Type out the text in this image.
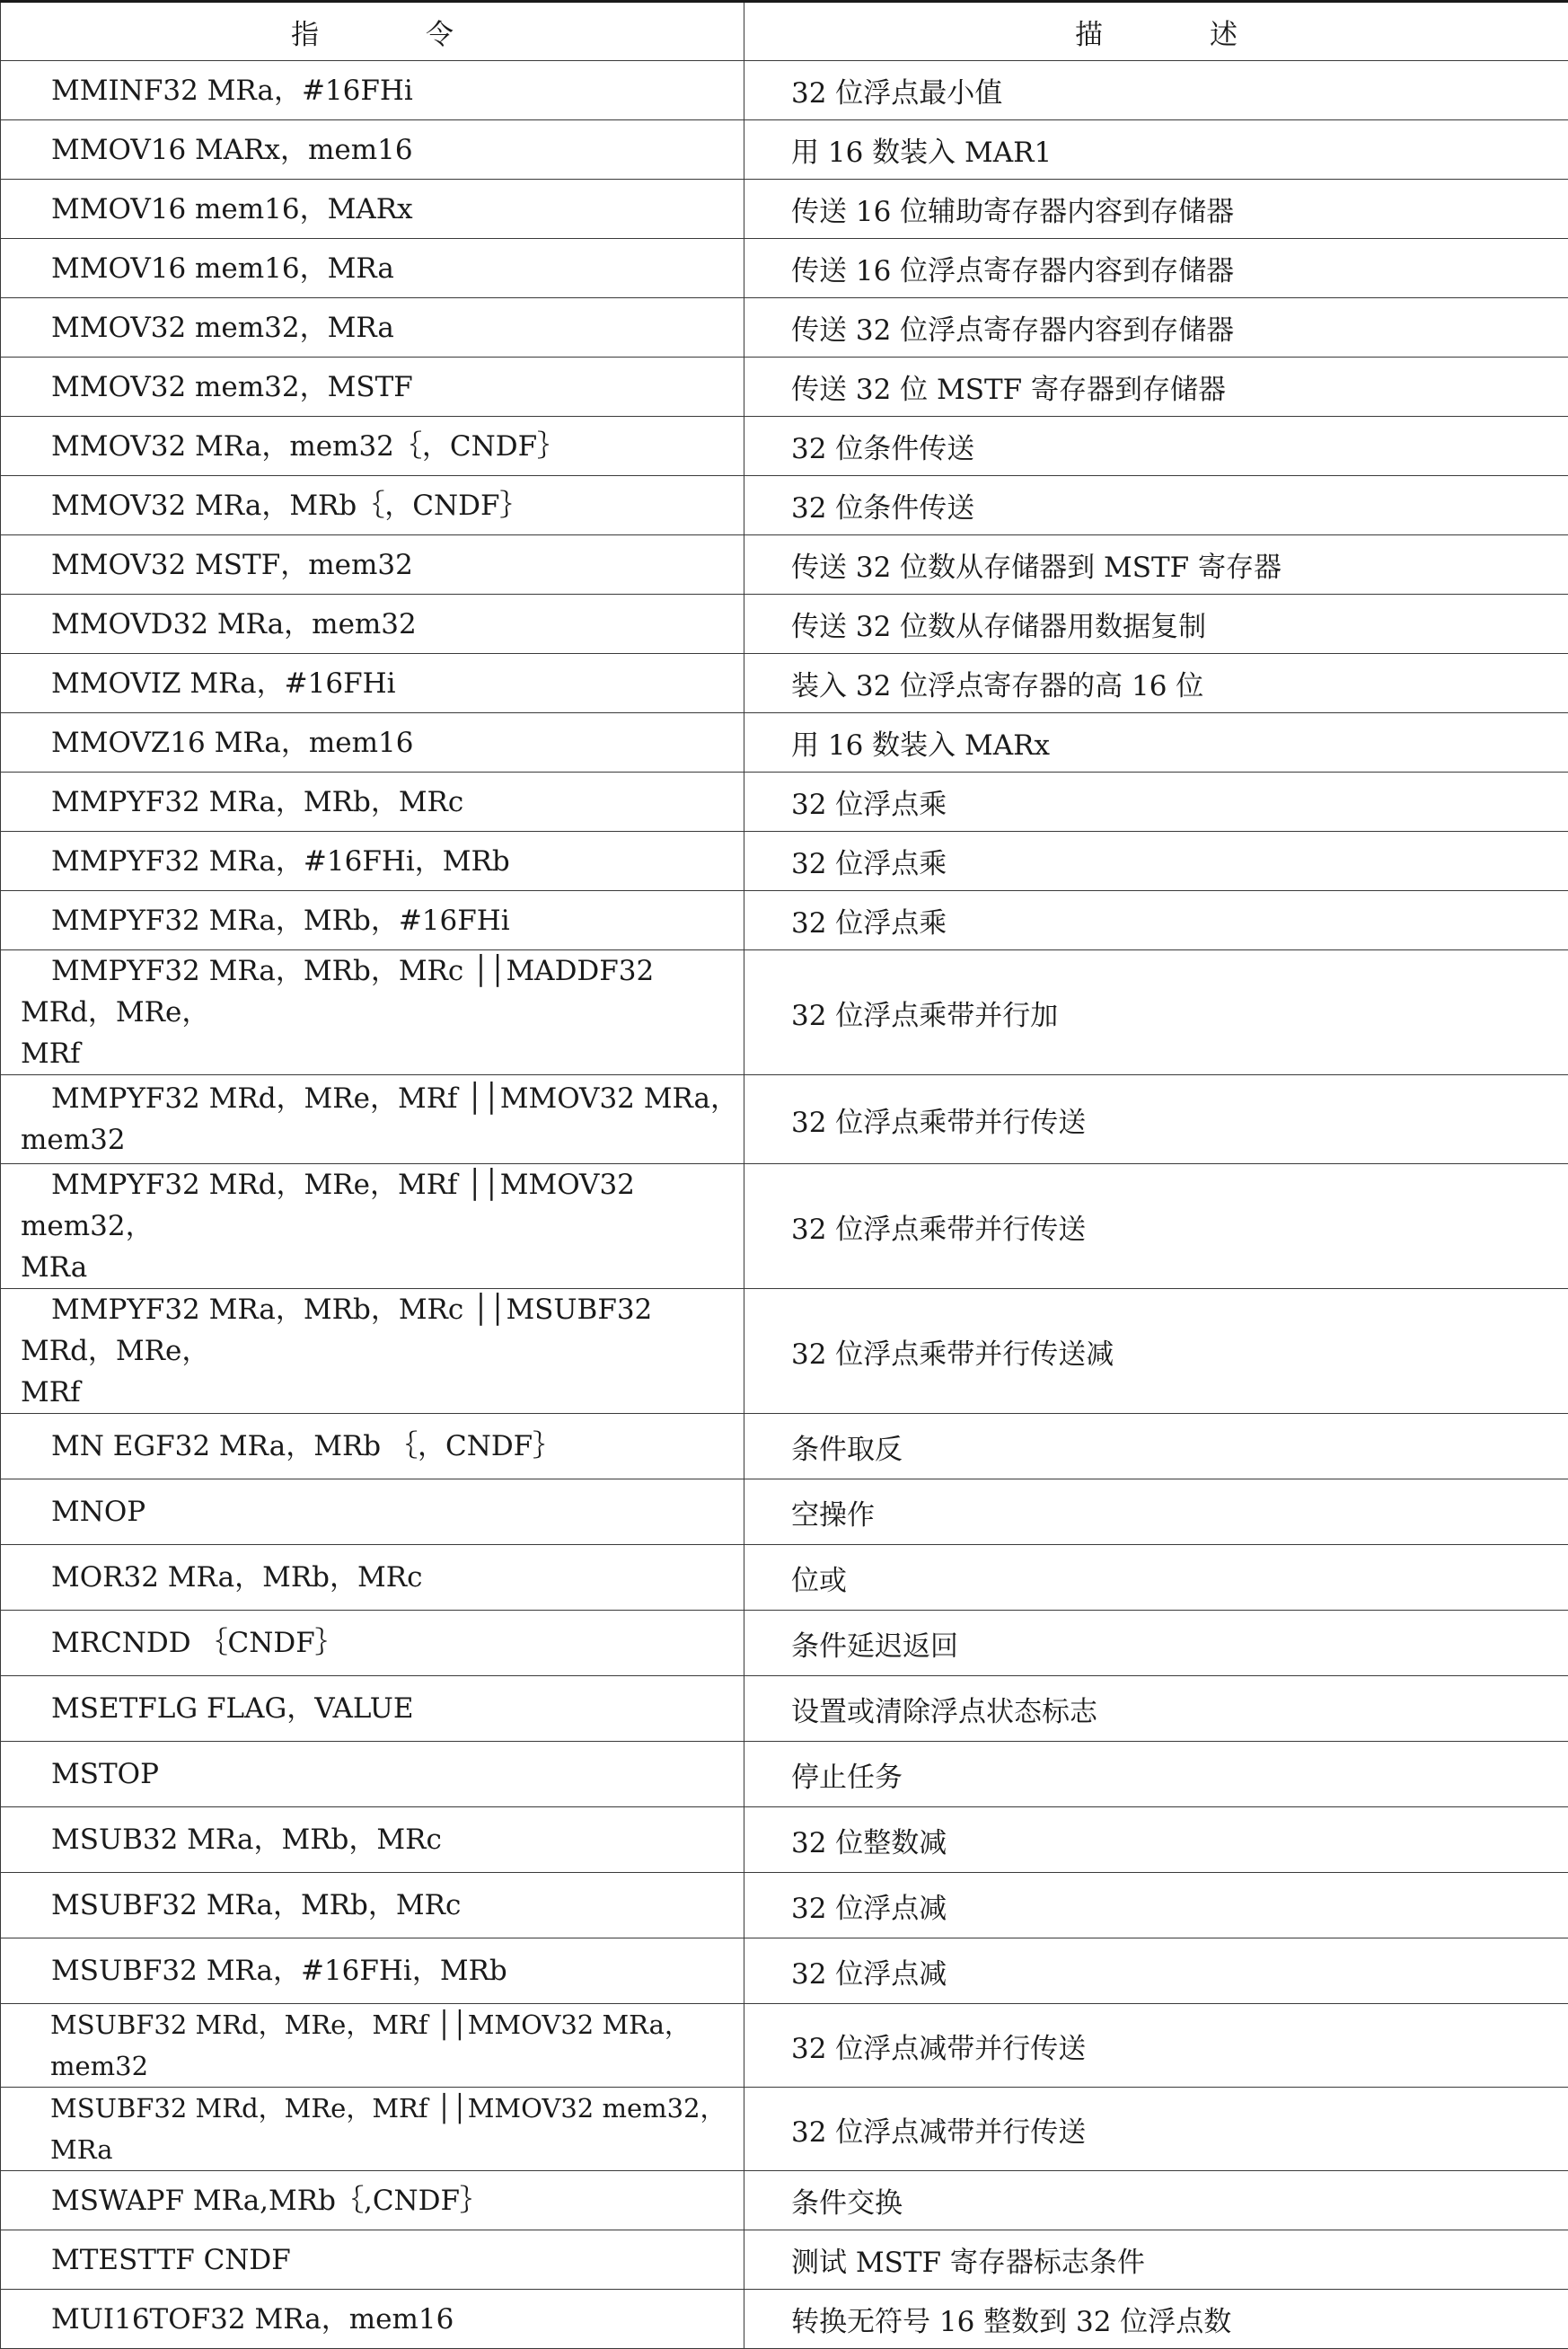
指　令	描　述
MMINF32 MRa，#16FHi	32 位浮点最小值
MMOV16 MARx，mem16	用 16 数装入 MAR1
MMOV16 mem16，MARx	传送 16 位辅助寄存器内容到存储器
MMOV16 mem16，MRa	传送 16 位浮点寄存器内容到存储器
MMOV32 mem32，MRa	传送 32 位浮点寄存器内容到存储器
MMOV32 mem32，MSTF	传送 32 位 MSTF 寄存器到存储器
MMOV32 MRa，mem32｛，CNDF｝	32 位条件传送
MMOV32 MRa，MRb｛，CNDF｝	32 位条件传送
MMOV32 MSTF，mem32	传送 32 位数从存储器到 MSTF 寄存器
MMOVD32 MRa，mem32	传送 32 位数从存储器用数据复制
MMOVIZ MRa，#16FHi	装入 32 位浮点寄存器的高 16 位
MMOVZ16 MRa，mem16	用 16 数装入 MARx
MMPYF32 MRa，MRb，MRc	32 位浮点乘
MMPYF32 MRa，#16FHi，MRb	32 位浮点乘
MMPYF32 MRa，MRb，#16FHi	32 位浮点乘
MMPYF32 MRa，MRb，MRc ││MADDF32 MRd，MRe，
MRf	32 位浮点乘带并行加
MMPYF32 MRd，MRe，MRf ││MMOV32 MRa，
mem32	32 位浮点乘带并行传送
MMPYF32 MRd，MRe，MRf ││MMOV32 mem32，
MRa	32 位浮点乘带并行传送
MMPYF32 MRa，MRb，MRc ││MSUBF32 MRd，MRe，
MRf	32 位浮点乘带并行传送减
MN EGF32 MRa，MRb ｛，CNDF｝	条件取反
MNOP	空操作
MOR32 MRa，MRb，MRc	位或
MRCNDD ｛CNDF｝	条件延迟返回
MSETFLG FLAG，VALUE	设置或清除浮点状态标志
MSTOP	停止任务
MSUB32 MRa，MRb，MRc	32 位整数减
MSUBF32 MRa，MRb，MRc	32 位浮点减
MSUBF32 MRa，#16FHi，MRb	32 位浮点减
MSUBF32 MRd，MRe，MRf ││MMOV32 MRa，mem32	32 位浮点减带并行传送
MSUBF32 MRd，MRe，MRf ││MMOV32 mem32，MRa	32 位浮点减带并行传送
MSWAPF MRa,MRb｛,CNDF｝	条件交换
MTESTTF CNDF	测试 MSTF 寄存器标志条件
MUI16TOF32 MRa，mem16	转换无符号 16 整数到 32 位浮点数
